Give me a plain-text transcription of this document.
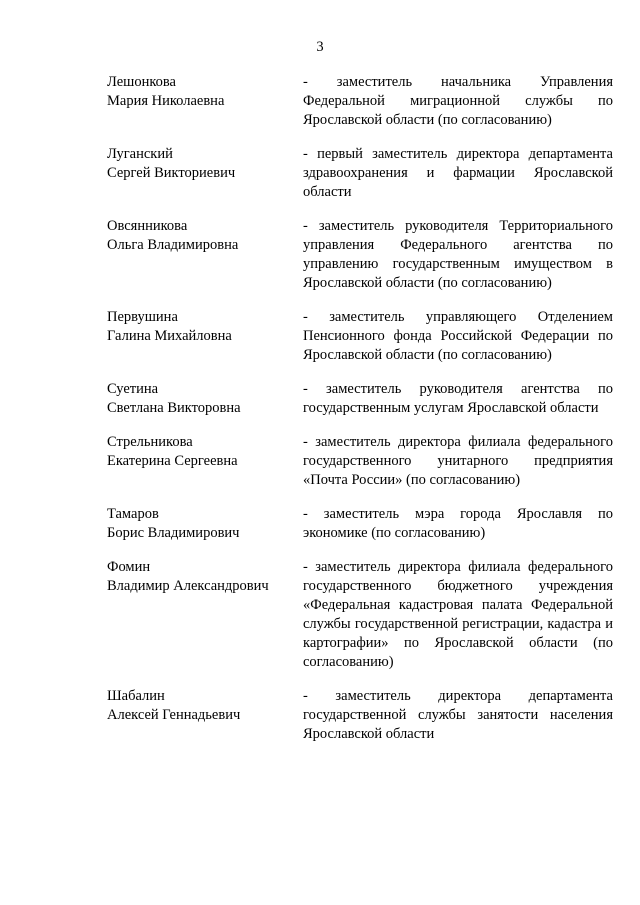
3
Лешонкова
Мария Николаевна
- заместитель начальника Управления Федеральной миграционной службы по Ярославской области (по согласованию)
Луганский
Сергей Викториевич
- первый заместитель директора департамента здравоохранения и фармации Ярославской области
Овсянникова
Ольга Владимировна
- заместитель руководителя Территориального управления Федерального агентства по управлению государственным имуществом в Ярославской области (по согласованию)
Первушина
Галина Михайловна
- заместитель управляющего Отделением Пенсионного фонда Российской Федерации по Ярославской области (по согласованию)
Суетина
Светлана Викторовна
- заместитель руководителя агентства по государственным услугам Ярославской области
Стрельникова
Екатерина Сергеевна
- заместитель директора филиала федерального государственного унитарного предприятия «Почта России» (по согласованию)
Тамаров
Борис Владимирович
- заместитель мэра города Ярославля по экономике (по согласованию)
Фомин
Владимир Александрович
- заместитель директора филиала федерального государственного бюджетного учреждения «Федеральная кадастровая палата Федеральной службы государственной регистрации, кадастра и картографии» по Ярославской области (по согласованию)
Шабалин
Алексей Геннадьевич
- заместитель директора департамента государственной службы занятости населения Ярославской области
